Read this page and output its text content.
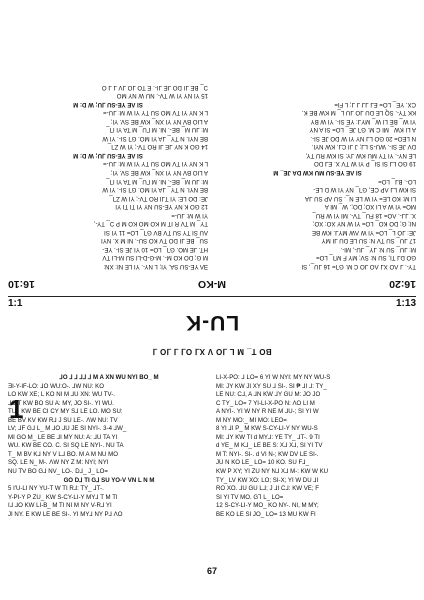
16:20
M-KO
16:10

TY-. ⅃ ΛO X⅃ ΛO ⅃O C M. G⅂= 16 ⅃U_, SI

GO D⅃ TI, SU N: SV; MY F M⅂_ LO=

M: ⅃U_ SU N: ⅃Y_ ⅃U-, MI-.

17 ⅃U_ SU TV N: SU LE DU ⅃I MY

JE: ⅃O L_ LO= YI W ΛW MY⅃. KW BE

NI; G; DO KO_ LO= YI W NY XO: XO;

X. ⅃⅃-. ΛO= 18 FU_ TV-. MI YI W RU_

MO= YI W A LI XO; DO;. W_ MI A

LI M: KO LE= YI W LE N_. SU ΛP SU ⅃A

SI KW L⅃ ΛP CE, G⅂_ NY YI W D LE-

LO-. B⅃_ LO=

SI ΛE YE-SU MU KW DA JE_ M

19 GO L⅃ SI SI_ P YI W TV X. E⅃ DO

LE NY-. YI TY MU KW ⅃Y: SI KW RU TY,

DV JE SI-. WU-S L⅃; J ⅃I C⅃. KW NYI.

N LEO= 20 GO L⅃ NY YI W DO JE SI-.

A LI KW_ MI C M. G⅂ JE_ LO= SI A NY

YI W_ BE LI W_ MY⅃: YE SI-. YI W BY

KK TY-. SQ LE DU ⅃O ⅃U L_ M KW BE K.

CX. YE_ LO= E⅃ ⅃⅃ ⅃ ⅃; L FI=

ƎΛ ΥE-SU SA. YI; L NY-. YI LE NI: XN:

M G; DO KO M-. M-G-D-LI SU M-LI TV

HT. ⅃E MO. G⅂_ LO= 10 YI JE SI-. YE-

SU_ BE ⅃I DO TV KO SU-. NI M X. NYI

ΛU SI TY SU TV BV G⅂_ LO= 11 YI SI

TY_ M TV R IT M KO MO KO M P Ɔ_ TY-,

YI W M: ⅃U-=

12 GO K NY YE-SU NY YI TI TI YI

JE: DO LE: YI T⅃I RO TV-; YI W Z⅂_

BE NYI. N TY_ ⅃A YI MO. G⅂ SI-. YI W

M: ⅃U M_ BE-. NI. M ΓU_ M TA YI I⅂_

A LIO BV NY YI XN_ KW BE SV. YI;

L K NY YI TV MO SU TY YI W M: ⅃U-=

SI ΛE YE-SU ⅃U; W D: M

14 GO K NY ⅃E ⅃I RO TV-; YI W Z⅂_

BE NYI. N TY_ ⅃A YI MO. G⅂ SI-. YI W

M: ⅃U M_ BE-. NI. M ΓU_ M TA YI I⅂_

A LIO BV NY YI XN_ KW BE SV. YI;

L K NY YI TV MO SU TY YI W M: ⅃U-=

SI ΛE YE-SU ⅃U; W D: M

15 YI NY YI W TV-. NU W NY MO

Ɔ_ BE ⅃I DO ⅃E ⅃I-. E TO ⅃O ⅃V ⅃ ⅃ O

1:1	1:13
LU-K
BO T_ M L ⅃O V X⅃ O⅃ ⅃ ⅃O ⅃
1

⅃O ⅃ ⅃ ⅃⅃ ⅃ M A XN WU NYI BO_ M

ƎI-Y-IF-LO: ⅃O WU:O-. ⅃W NU: KO

LO KW XE; L KO NI M ⅃U XN: WU TV-.

⅃O T KW BO SU A: MY, JO SI-. YI WU.

TU_ KW BE CI CY MY S⅃ LE LO. MO SU:

BE BV KV KW R⅃ J SU LE-. ΛW NU: TV

LV; ⅃F G⅃ L_ M ⅃O ⅃U JE SI NYI-. 3-4 ⅃W_

MI GO M_ LE BE ⅃I MY NU: A: ⅃U TA YI

WU. KW BE CO. C. SI SQ LE NYI-. NU TA

T_ M BV K⅃ NY V L⅃ BO. M A M NU MO

SQ. LE N_ M-. ΛW NY Z M: NYI; NYI

NU TV BO G⅃ NV_ LO-. D⅃_ J_ LO=

GO D⅃ TI G⅃ SU YO-V VN L N M

5 I'U-LI NY YU-T W TI R⅃: TY_ ⅃T-.

Y-PI-Y P ZU_ KW S-CY-LI-Y MY⅃ T M TI

I⅃ ⅃O KW LI-B_ M TI NI M NY V-R⅃ YI

JI NY. E KW LE BE SI-. YI MY⅃ NY P⅃ ΛO

LI-X-PO: ⅃ LO= 6 YI W NYI: MY NY WU-S

MI: JY KW JI XY SU ⅃ SI-. SI ₱ ⅃I ⅃: TY_

LE NU: C⅃, A ⅃N KW ⅃Y GU M: JO JO

C TY_ LO= 7 YI-LI-X-PO N: ΛO LI M

A NYI-. YI W NY R NE M ⅃U-; SI YI W

M NY MO:_ MI MO: LEO=

8 YI ⅃I P_ M KW S-CY-LI-Y NY WU-S

MI: ⅃Y KW TI d MY⅃: YE TY_ ⅃T-. 9 TI

d YE_ M K⅃_ LE BE S: X⅃ X⅃, SI YI TV

M T: NYI-. SI-. d VI N-; KW DV LE SI-.

JU N KO LE_ LO= 10 KO. SU F⅃_

KW P XY; YI ZU NY N⅃ X⅃ M-: KW W KU

TY_ LV KW XO: LO; SI-X; YI W DU ⅃I

RO XO. ⅃U GU L⅃; J ⅃I C⅃: KW VE; F

SI YI TV MO. G⅂ L_ LO=

12 S-CY-LI-Y MO_ KO NY-. NI, M MY;

BE KO LE SI JO_ LO= 13 MU KW FI

67
